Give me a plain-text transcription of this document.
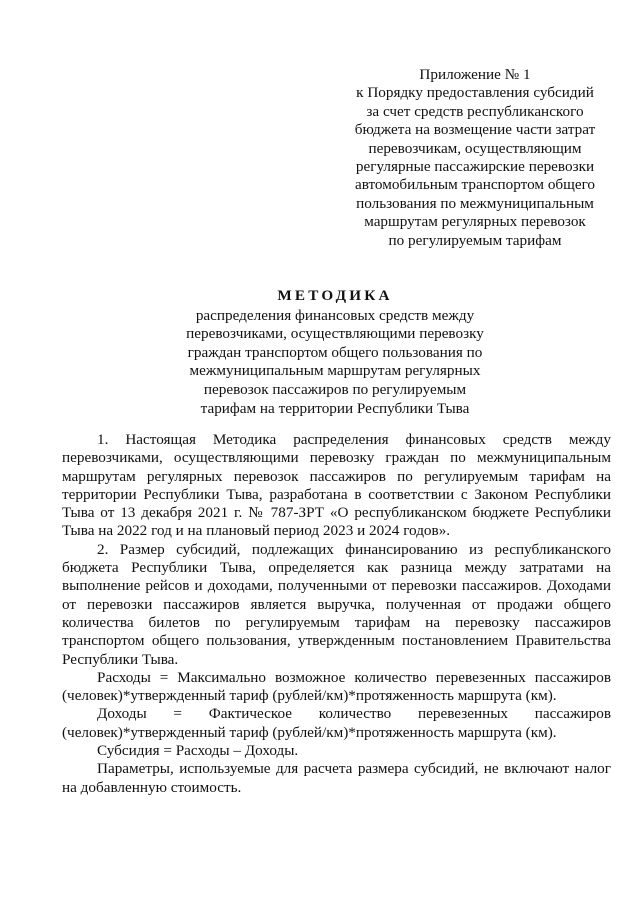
Приложение № 1
к Порядку предоставления субсидий
за счет средств республиканского
бюджета на возмещение части затрат
перевозчикам, осуществляющим
регулярные пассажирские перевозки
автомобильным транспортом общего
пользования по межмуниципальным
маршрутам регулярных перевозок
по регулируемым тарифам
МЕТОДИКА
распределения финансовых средств между
перевозчиками, осуществляющими перевозку
граждан транспортом общего пользования по
межмуниципальным маршрутам регулярных
перевозок пассажиров по регулируемым
тарифам на территории Республики Тыва

1. Настоящая Методика распределения финансовых средств между перевозчиками, осуществляющими перевозку граждан по межмуниципальным маршрутам регулярных перевозок пассажиров по регулируемым тарифам на территории Республики Тыва, разработана в соответствии с Законом Республики Тыва от 13 декабря 2021 г. № 787-ЗРТ «О республиканском бюджете Республики Тыва на 2022 год и на плановый период 2023 и 2024 годов».

2. Размер субсидий, подлежащих финансированию из республиканского бюджета Республики Тыва, определяется как разница между затратами на выполнение рейсов и доходами, полученными от перевозки пассажиров. Доходами от перевозки пассажиров является выручка, полученная от продажи общего количества билетов по регулируемым тарифам на перевозку пассажиров транспортом общего пользования, утвержденным постановлением Правительства Республики Тыва.

Расходы = Максимально возможное количество перевезенных пассажиров (человек)*утвержденный тариф (рублей/км)*протяженность маршрута (км).

Доходы = Фактическое количество перевезенных пассажиров (человек)*утвержденный тариф (рублей/км)*протяженность маршрута (км).

Субсидия = Расходы – Доходы.

Параметры, используемые для расчета размера субсидий, не включают налог на добавленную стоимость.
